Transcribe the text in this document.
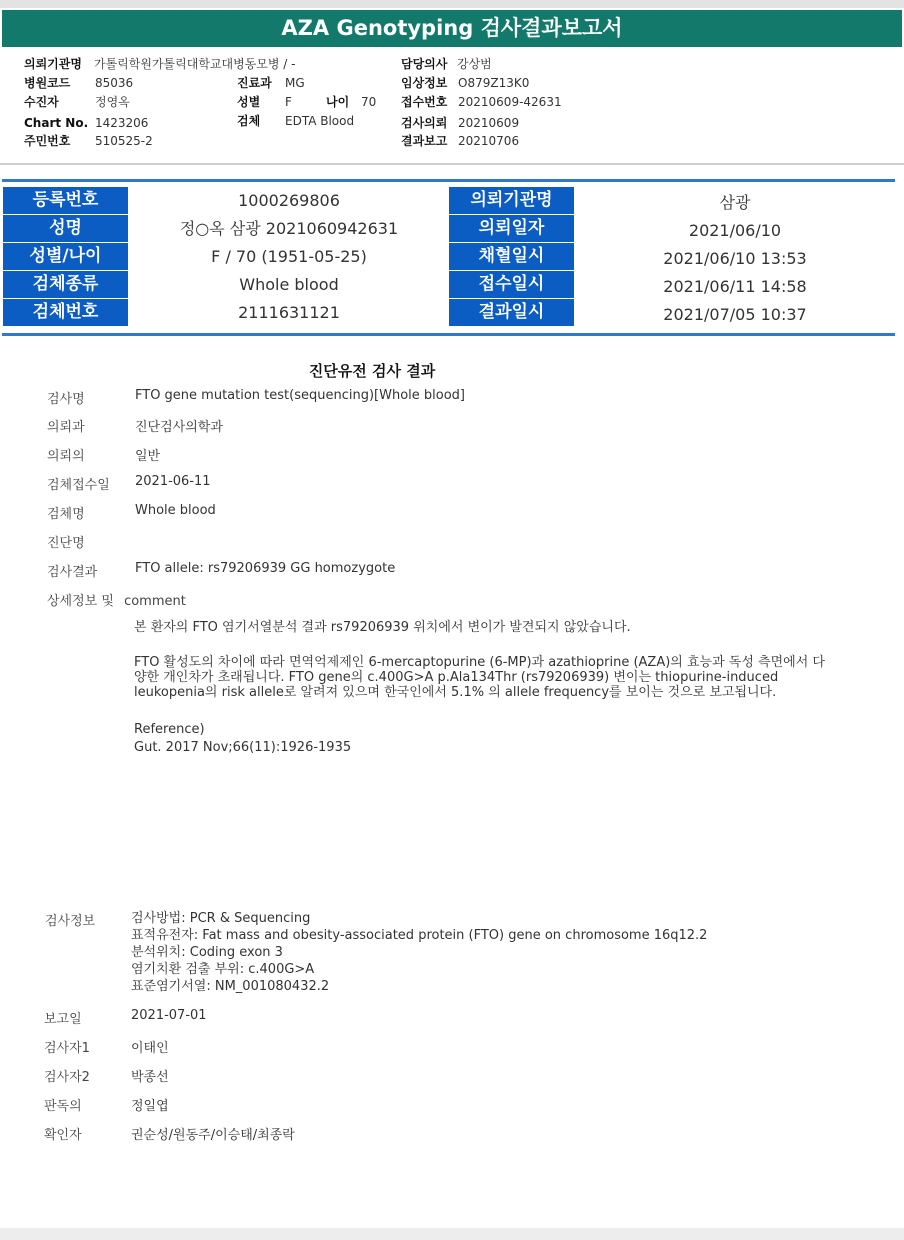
AZA Genotyping 검사결과보고서
의뢰기관명 가톨릭학원가톨릭대학교대병동모병 / -	담당의사 강상범
병원코드 85036	진료과 MG	임상정보 O879Z13K0
수진자	정영옥	성별 F	나이 70 접수번호 20210609-42631
Chart No. 1423206	검체 EDTA Blood	검사의뢰 20210609
주민번호 510525-2	결과보고 20210706
등록번호	1000269806	의뢰기관명	삼광
성명	정○옥 삼광 2021060942631	의뢰일자	2021/06/10
성별/나이	F / 70 (1951-05-25)	채혈일시	2021/06/10 13:53
검체종류	Whole blood	접수일시	2021/06/11 14:58
검체번호	2111631121	결과일시	2021/07/05 10:37
진단유전 검사 결과
검사명	FTO gene mutation test(sequencing)[Whole blood]
의뢰과	진단검사의학과
의뢰의	일반
검체접수일 2021-06-11
검체명	Whole blood
진단명
검사결과	FTO allele: rs79206939 GG homozygote
상세정보 및 comment
본 환자의 FTO 염기서열분석 결과 rs79206939 위치에서 변이가 발견되지 않았습니다.
FTO 활성도의 차이에 따라 면역억제제인 6-mercaptopurine (6-MP)과 azathioprine (AZA)의 효능과 독성 측면에서 다양한 개인차가 초래됩니다. FTO gene의 c.400G>A p.Ala134Thr (rs79206939) 변이는 thiopurine-induced leukopenia의 risk allele로 알려져 있으며 한국인에서 5.1% 의 allele frequency를 보이는 것으로 보고됩니다.
Reference)
Gut. 2017 Nov;66(11):1926-1935
검사정보	검사방법: PCR & Sequencing
표적유전자: Fat mass and obesity-associated protein (FTO) gene on chromosome 16q12.2
분석위치: Coding exon 3
염기치환 검출 부위: c.400G>A
표준염기서열: NM_001080432.2
보고일	2021-07-01
검사자1	이태인
검사자2	박종선
판독의	정일엽
확인자	권순성/원동주/이승태/최종락
